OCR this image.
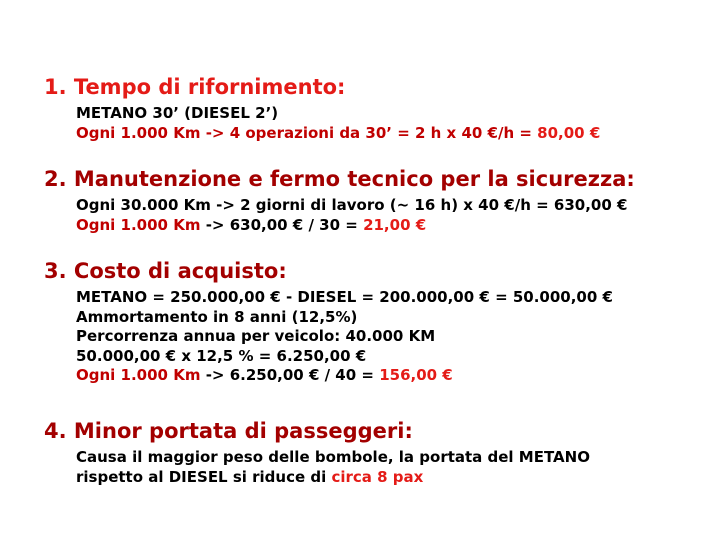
1. Tempo di rifornimento:
METANO 30’ (DIESEL 2’)
Ogni 1.000 Km -> 4 operazioni da 30’ = 2 h x 40 €/h = 80,00 €
2. Manutenzione e fermo tecnico per la sicurezza:
Ogni 30.000 Km -> 2 giorni di lavoro (~ 16 h) x 40 €/h = 630,00 €
Ogni 1.000 Km -> 630,00 € / 30 = 21,00 €
3. Costo di acquisto:
METANO = 250.000,00 € - DIESEL = 200.000,00 € = 50.000,00 €
Ammortamento in 8 anni (12,5%)
Percorrenza annua per veicolo: 40.000 KM
50.000,00 € x 12,5 % = 6.250,00 €
Ogni 1.000 Km -> 6.250,00 € / 40 = 156,00 €
4. Minor portata di passeggeri:
Causa il maggior peso delle bombole, la portata del METANO
rispetto al DIESEL si riduce di circa 8 pax
